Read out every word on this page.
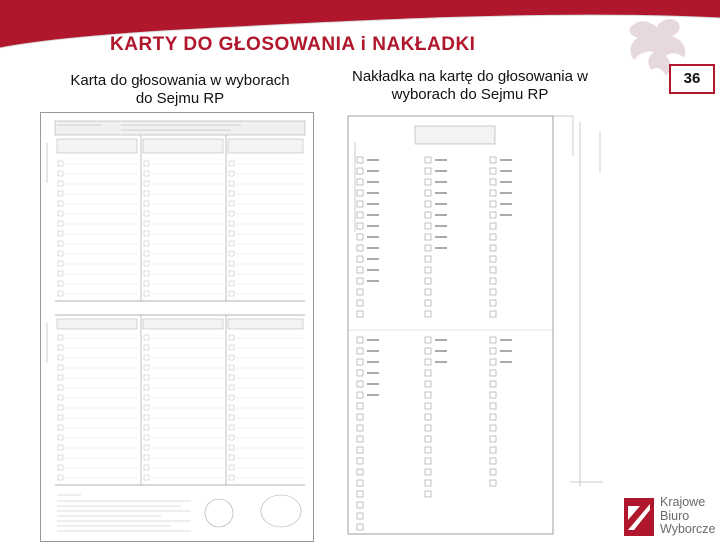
KARTY DO GŁOSOWANIA i NAKŁADKI
Karta do głosowania w wyborach do Sejmu RP
Nakładka na kartę do głosowania w wyborach do Sejmu RP
36
Krajowe
Biuro
Wyborcze
